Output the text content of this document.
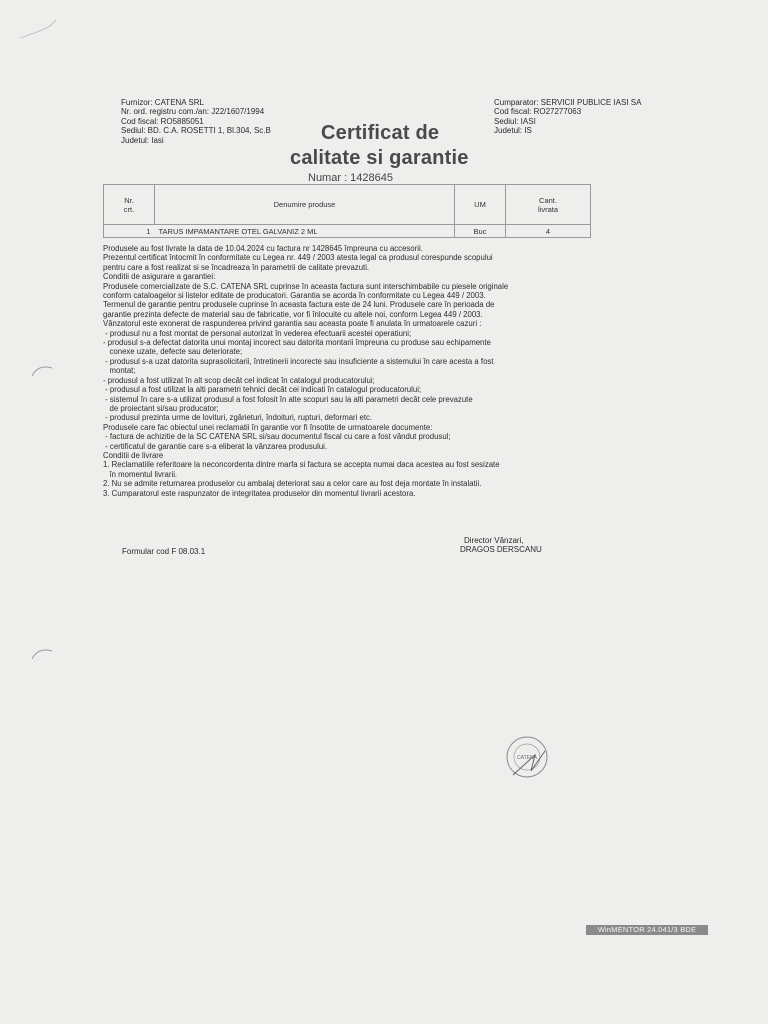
Furnizor: CATENA SRL
Nr. ord. registru com./an: J22/1607/1994
Cod fiscal: RO5885051
Sediul: BD. C.A. ROSETTI 1, Bl.304, Sc.B
Judetul: Iasi
Cumparator: SERVICII PUBLICE IASI SA
Cod fiscal: RO27277063
Sediul: IASI
Judetul: IS
Certificat de
calitate si garantie
Numar : 1428645
Nr.
crt.	Denumire produse	UM	Cant.
livrata
1	TARUS IMPAMANTARE OTEL GALVANIZ 2 ML	Buc	4
Produsele au fost livrate la data de 10.04.2024 cu factura nr 1428645 împreuna cu accesorii.
Prezentul certificat întocmit în conformitate cu Legea nr. 449 / 2003 atesta legal ca produsul corespunde scopului
pentru care a fost realizat si se încadreaza în parametrii de calitate prevazuti.
Conditii de asigurare a garantiei:
Produsele comercializate de S.C. CATENA SRL cuprinse în aceasta factura sunt interschimbabile cu piesele originale
conform cataloagelor si listelor editate de producatori. Garantia se acorda în conformitate cu Legea 449 / 2003.
Termenul de garantie pentru produsele cuprinse în aceasta factura este de 24 luni. Produsele care în perioada de
garantie prezinta defecte de material sau de fabricatie, vor fi înlocuite cu altele noi, conform Legea 449 / 2003.
Vânzatorul este exonerat de raspunderea privind garantia sau aceasta poate fi anulata în urmatoarele cazuri :
- produsul nu a fost montat de personal autorizat în vederea efectuarii acestei operatiuni;
- produsul s-a defectat datorita unui montaj incorect sau datorita montarii împreuna cu produse sau echipamente
conexe uzate, defecte sau deteriorate;
- produsul s-a uzat datorita suprasolicitarii, întretinerii incorecte sau insuficiente a sistemului în care acesta a fost
montat;
- produsul a fost utilizat în alt scop decât cel indicat în catalogul producatorului;
- produsul a fost utilizat la alti parametri tehnici decât cei indicati în catalogul producatorului;
- sistemul în care s-a utilizat produsul a fost folosit în alte scopuri sau la alti parametri decât cele prevazute
de proiectant si/sau producator;
- produsul prezinta urme de lovituri, zgârieturi, îndoituri, rupturi, deformari etc.
Produsele care fac obiectul unei reclamatii în garantie vor fi însotite de urmatoarele documente:
- factura de achizitie de la SC CATENA SRL si/sau documentul fiscal cu care a fost vândut produsul;
- certificatul de garantie care s-a eliberat la vânzarea produsului.
Conditii de livrare
1. Reclamatiile referitoare la neconcordenta dintre marfa si factura se accepta numai daca acestea au fost sesizate
în momentul livrarii.
2. Nu se admite returnarea produselor cu ambalaj deteriorat sau a celor care au fost deja montate în instalatii.
3. Cumparatorul este raspunzator de integritatea produselor din momentul livrarii acestora.
Formular cod F 08.03.1
Director Vânzari,
DRAGOS DERSCANU
CATENA
WinMENTOR 24.041/3 BDE
